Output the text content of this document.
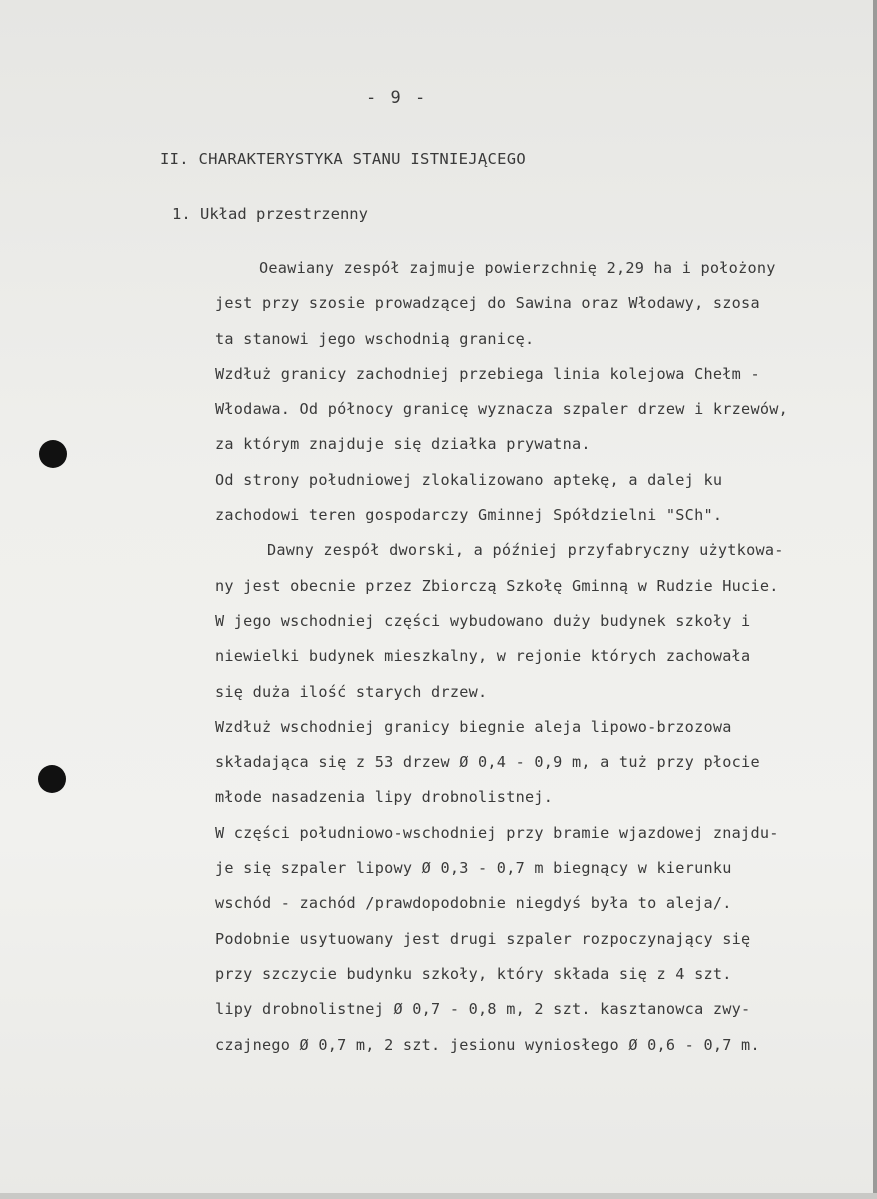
- 9 -
II. CHARAKTERYSTYKA STANU ISTNIEJĄCEGO
1. Układ przestrzenny
Oeawiany zespół zajmuje powierzchnię 2,29 ha i położony
jest przy szosie prowadzącej do Sawina oraz Włodawy, szosa
ta stanowi jego wschodnią granicę.
Wzdłuż granicy zachodniej przebiega linia kolejowa Chełm -
Włodawa. Od północy granicę wyznacza szpaler drzew i krzewów,
za którym znajduje się działka prywatna.
Od strony południowej zlokalizowano aptekę, a dalej ku
zachodowi teren gospodarczy Gminnej Spółdzielni "SCh".
Dawny zespół dworski, a później przyfabryczny użytkowa-
ny jest obecnie przez Zbiorczą Szkołę Gminną w Rudzie Hucie.
W jego wschodniej części wybudowano duży budynek szkoły i
niewielki budynek mieszkalny, w rejonie których zachowała
się duża ilość starych drzew.
Wzdłuż wschodniej granicy biegnie aleja lipowo-brzozowa
składająca się z 53 drzew Ø 0,4 - 0,9 m, a tuż przy płocie
młode nasadzenia lipy drobnolistnej.
W części południowo-wschodniej przy bramie wjazdowej znajdu-
je się szpaler lipowy Ø 0,3 - 0,7 m biegnący w kierunku
wschód - zachód /prawdopodobnie niegdyś była to aleja/.
Podobnie usytuowany jest drugi szpaler rozpoczynający się
przy szczycie budynku szkoły, który składa się z 4 szt.
lipy drobnolistnej Ø 0,7 - 0,8 m, 2 szt. kasztanowca zwy-
czajnego Ø 0,7 m, 2 szt. jesionu wyniosłego Ø 0,6 - 0,7 m.
